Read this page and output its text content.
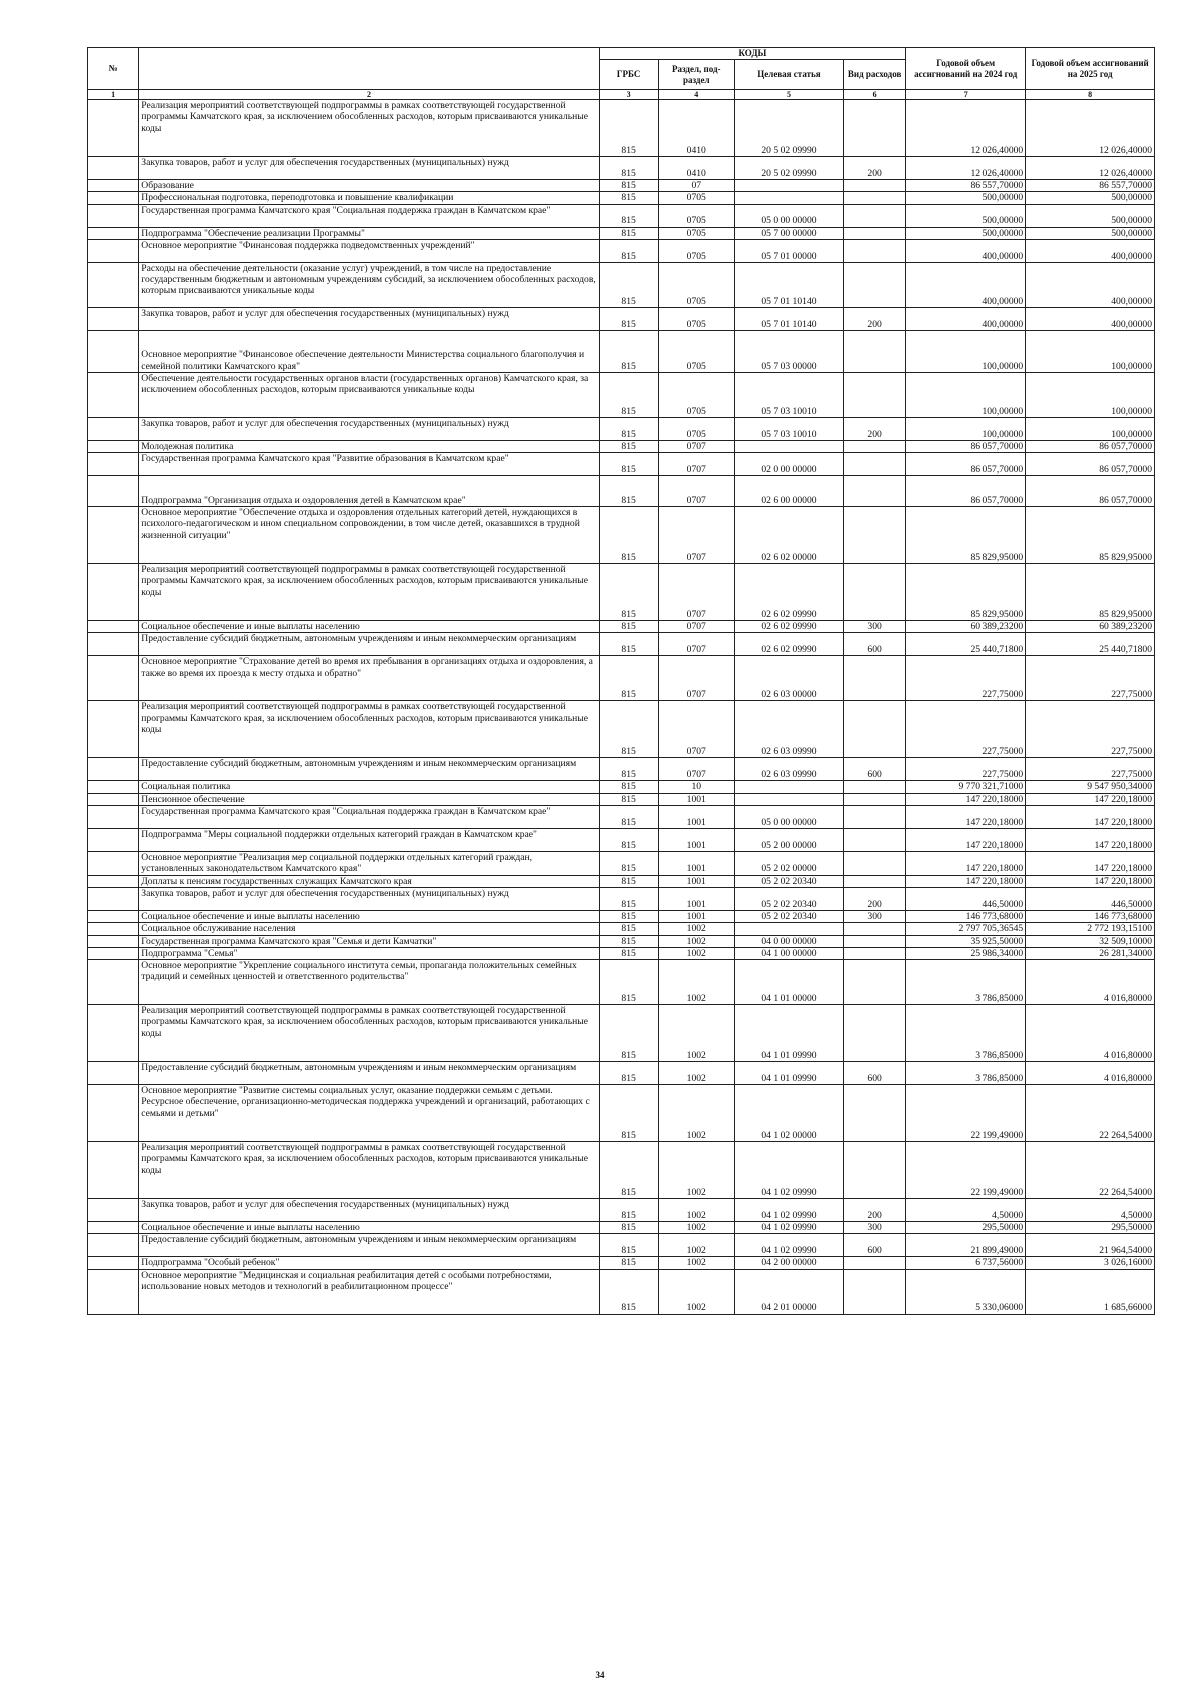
№		КОДЫ				Годовой объем ассигнований на 2024 год	Годовой объем ассигнований на 2025 год
		ГРБС	Раздел, под-раздел	Целевая статья	Вид расходов		
1	2	3	4	5	6	7	8
	Реализация мероприятий соответствующей подпрограммы в рамках соответствующей государственной программы Камчатского края, за исключением обособленных расходов, которым присваиваются уникальные коды	815	0410	20 5 02 09990		12 026,40000	12 026,40000
	Закупка товаров, работ и услуг для обеспечения государственных (муниципальных) нужд	815	0410	20 5 02 09990	200	12 026,40000	12 026,40000
	Образование	815	07			86 557,70000	86 557,70000
	Профессиональная подготовка, переподготовка и повышение квалификации	815	0705			500,00000	500,00000
	Государственная программа Камчатского края "Социальная поддержка граждан в Камчатском крае"	815	0705	05 0 00 00000		500,00000	500,00000
	Подпрограмма "Обеспечение реализации Программы"	815	0705	05 7 00 00000		500,00000	500,00000
	Основное мероприятие "Финансовая поддержка подведомственных учреждений"	815	0705	05 7 01 00000		400,00000	400,00000
	Расходы на обеспечение деятельности (оказание услуг) учреждений, в том числе на предоставление государственным бюджетным и автономным учреждениям субсидий, за исключением обособленных расходов, которым присваиваются уникальные коды	815	0705	05 7 01 10140		400,00000	400,00000
	Закупка товаров, работ и услуг для обеспечения государственных (муниципальных) нужд	815	0705	05 7 01 10140	200	400,00000	400,00000
	Основное мероприятие "Финансовое обеспечение деятельности Министерства социального благополучия и семейной политики Камчатского края"	815	0705	05 7 03 00000		100,00000	100,00000
	Обеспечение деятельности государственных органов власти (государственных органов) Камчатского края, за исключением обособленных расходов, которым присваиваются уникальные коды	815	0705	05 7 03 10010		100,00000	100,00000
	Закупка товаров, работ и услуг для обеспечения государственных (муниципальных) нужд	815	0705	05 7 03 10010	200	100,00000	100,00000
	Молодежная политика	815	0707			86 057,70000	86 057,70000
	Государственная программа Камчатского края "Развитие образования в Камчатском крае"	815	0707	02 0 00 00000		86 057,70000	86 057,70000
	Подпрограмма "Организация отдыха и оздоровления детей в Камчатском крае"	815	0707	02 6 00 00000		86 057,70000	86 057,70000
	Основное мероприятие "Обеспечение отдыха и оздоровления отдельных категорий детей, нуждающихся в психолого-педагогическом и ином специальном сопровождении, в том числе детей, оказавшихся в трудной жизненной ситуации"	815	0707	02 6 02 00000		85 829,95000	85 829,95000
	Реализация мероприятий соответствующей подпрограммы в рамках соответствующей государственной программы Камчатского края, за исключением обособленных расходов, которым присваиваются уникальные коды	815	0707	02 6 02 09990		85 829,95000	85 829,95000
	Социальное обеспечение и иные выплаты населению	815	0707	02 6 02 09990	300	60 389,23200	60 389,23200
	Предоставление субсидий бюджетным, автономным учреждениям и иным некоммерческим организациям	815	0707	02 6 02 09990	600	25 440,71800	25 440,71800
	Основное мероприятие "Страхование детей во время их пребывания в организациях отдыха и оздоровления, а также во время их проезда к месту отдыха и обратно"	815	0707	02 6 03 00000		227,75000	227,75000
	Реализация мероприятий соответствующей подпрограммы в рамках соответствующей государственной программы Камчатского края, за исключением обособленных расходов, которым присваиваются уникальные коды	815	0707	02 6 03 09990		227,75000	227,75000
	Предоставление субсидий бюджетным, автономным учреждениям и иным некоммерческим организациям	815	0707	02 6 03 09990	600	227,75000	227,75000
	Социальная политика	815	10			9 770 321,71000	9 547 950,34000
	Пенсионное обеспечение	815	1001			147 220,18000	147 220,18000
	Государственная программа Камчатского края "Социальная поддержка граждан в Камчатском крае"	815	1001	05 0 00 00000		147 220,18000	147 220,18000
	Подпрограмма "Меры социальной поддержки отдельных категорий граждан в Камчатском крае"	815	1001	05 2 00 00000		147 220,18000	147 220,18000
	Основное мероприятие "Реализация мер социальной поддержки отдельных категорий граждан, установленных законодательством Камчатского края"	815	1001	05 2 02 00000		147 220,18000	147 220,18000
	Доплаты к пенсиям государственных служащих Камчатского края	815	1001	05 2 02 20340		147 220,18000	147 220,18000
	Закупка товаров, работ и услуг для обеспечения государственных (муниципальных) нужд	815	1001	05 2 02 20340	200	446,50000	446,50000
	Социальное обеспечение и иные выплаты населению	815	1001	05 2 02 20340	300	146 773,68000	146 773,68000
	Социальное обслуживание населения	815	1002			2 797 705,36545	2 772 193,15100
	Государственная программа Камчатского края "Семья и дети Камчатки"	815	1002	04 0 00 00000		35 925,50000	32 509,10000
	Подпрограмма "Семья"	815	1002	04 1 00 00000		25 986,34000	26 281,34000
	Основное мероприятие "Укрепление социального института семьи, пропаганда положительных семейных традиций и семейных ценностей и ответственного родительства"	815	1002	04 1 01 00000		3 786,85000	4 016,80000
	Реализация мероприятий соответствующей подпрограммы в рамках соответствующей государственной программы Камчатского края, за исключением обособленных расходов, которым присваиваются уникальные коды	815	1002	04 1 01 09990		3 786,85000	4 016,80000
	Предоставление субсидий бюджетным, автономным учреждениям и иным некоммерческим организациям	815	1002	04 1 01 09990	600	3 786,85000	4 016,80000
	Основное мероприятие "Развитие системы социальных услуг, оказание поддержки семьям с детьми. Ресурсное обеспечение, организационно-методическая поддержка учреждений и организаций, работающих с семьями и детьми"	815	1002	04 1 02 00000		22 199,49000	22 264,54000
	Реализация мероприятий соответствующей подпрограммы в рамках соответствующей государственной программы Камчатского края, за исключением обособленных расходов, которым присваиваются уникальные коды	815	1002	04 1 02 09990		22 199,49000	22 264,54000
	Закупка товаров, работ и услуг для обеспечения государственных (муниципальных) нужд	815	1002	04 1 02 09990	200	4,50000	4,50000
	Социальное обеспечение и иные выплаты населению	815	1002	04 1 02 09990	300	295,50000	295,50000
	Предоставление субсидий бюджетным, автономным учреждениям и иным некоммерческим организациям	815	1002	04 1 02 09990	600	21 899,49000	21 964,54000
	Подпрограмма "Особый ребенок"	815	1002	04 2 00 00000		6 737,56000	3 026,16000
	Основное мероприятие "Медицинская и социальная реабилитация детей с особыми потребностями, использование новых методов и технологий в реабилитационном процессе"	815	1002	04 2 01 00000		5 330,06000	1 685,66000
34
